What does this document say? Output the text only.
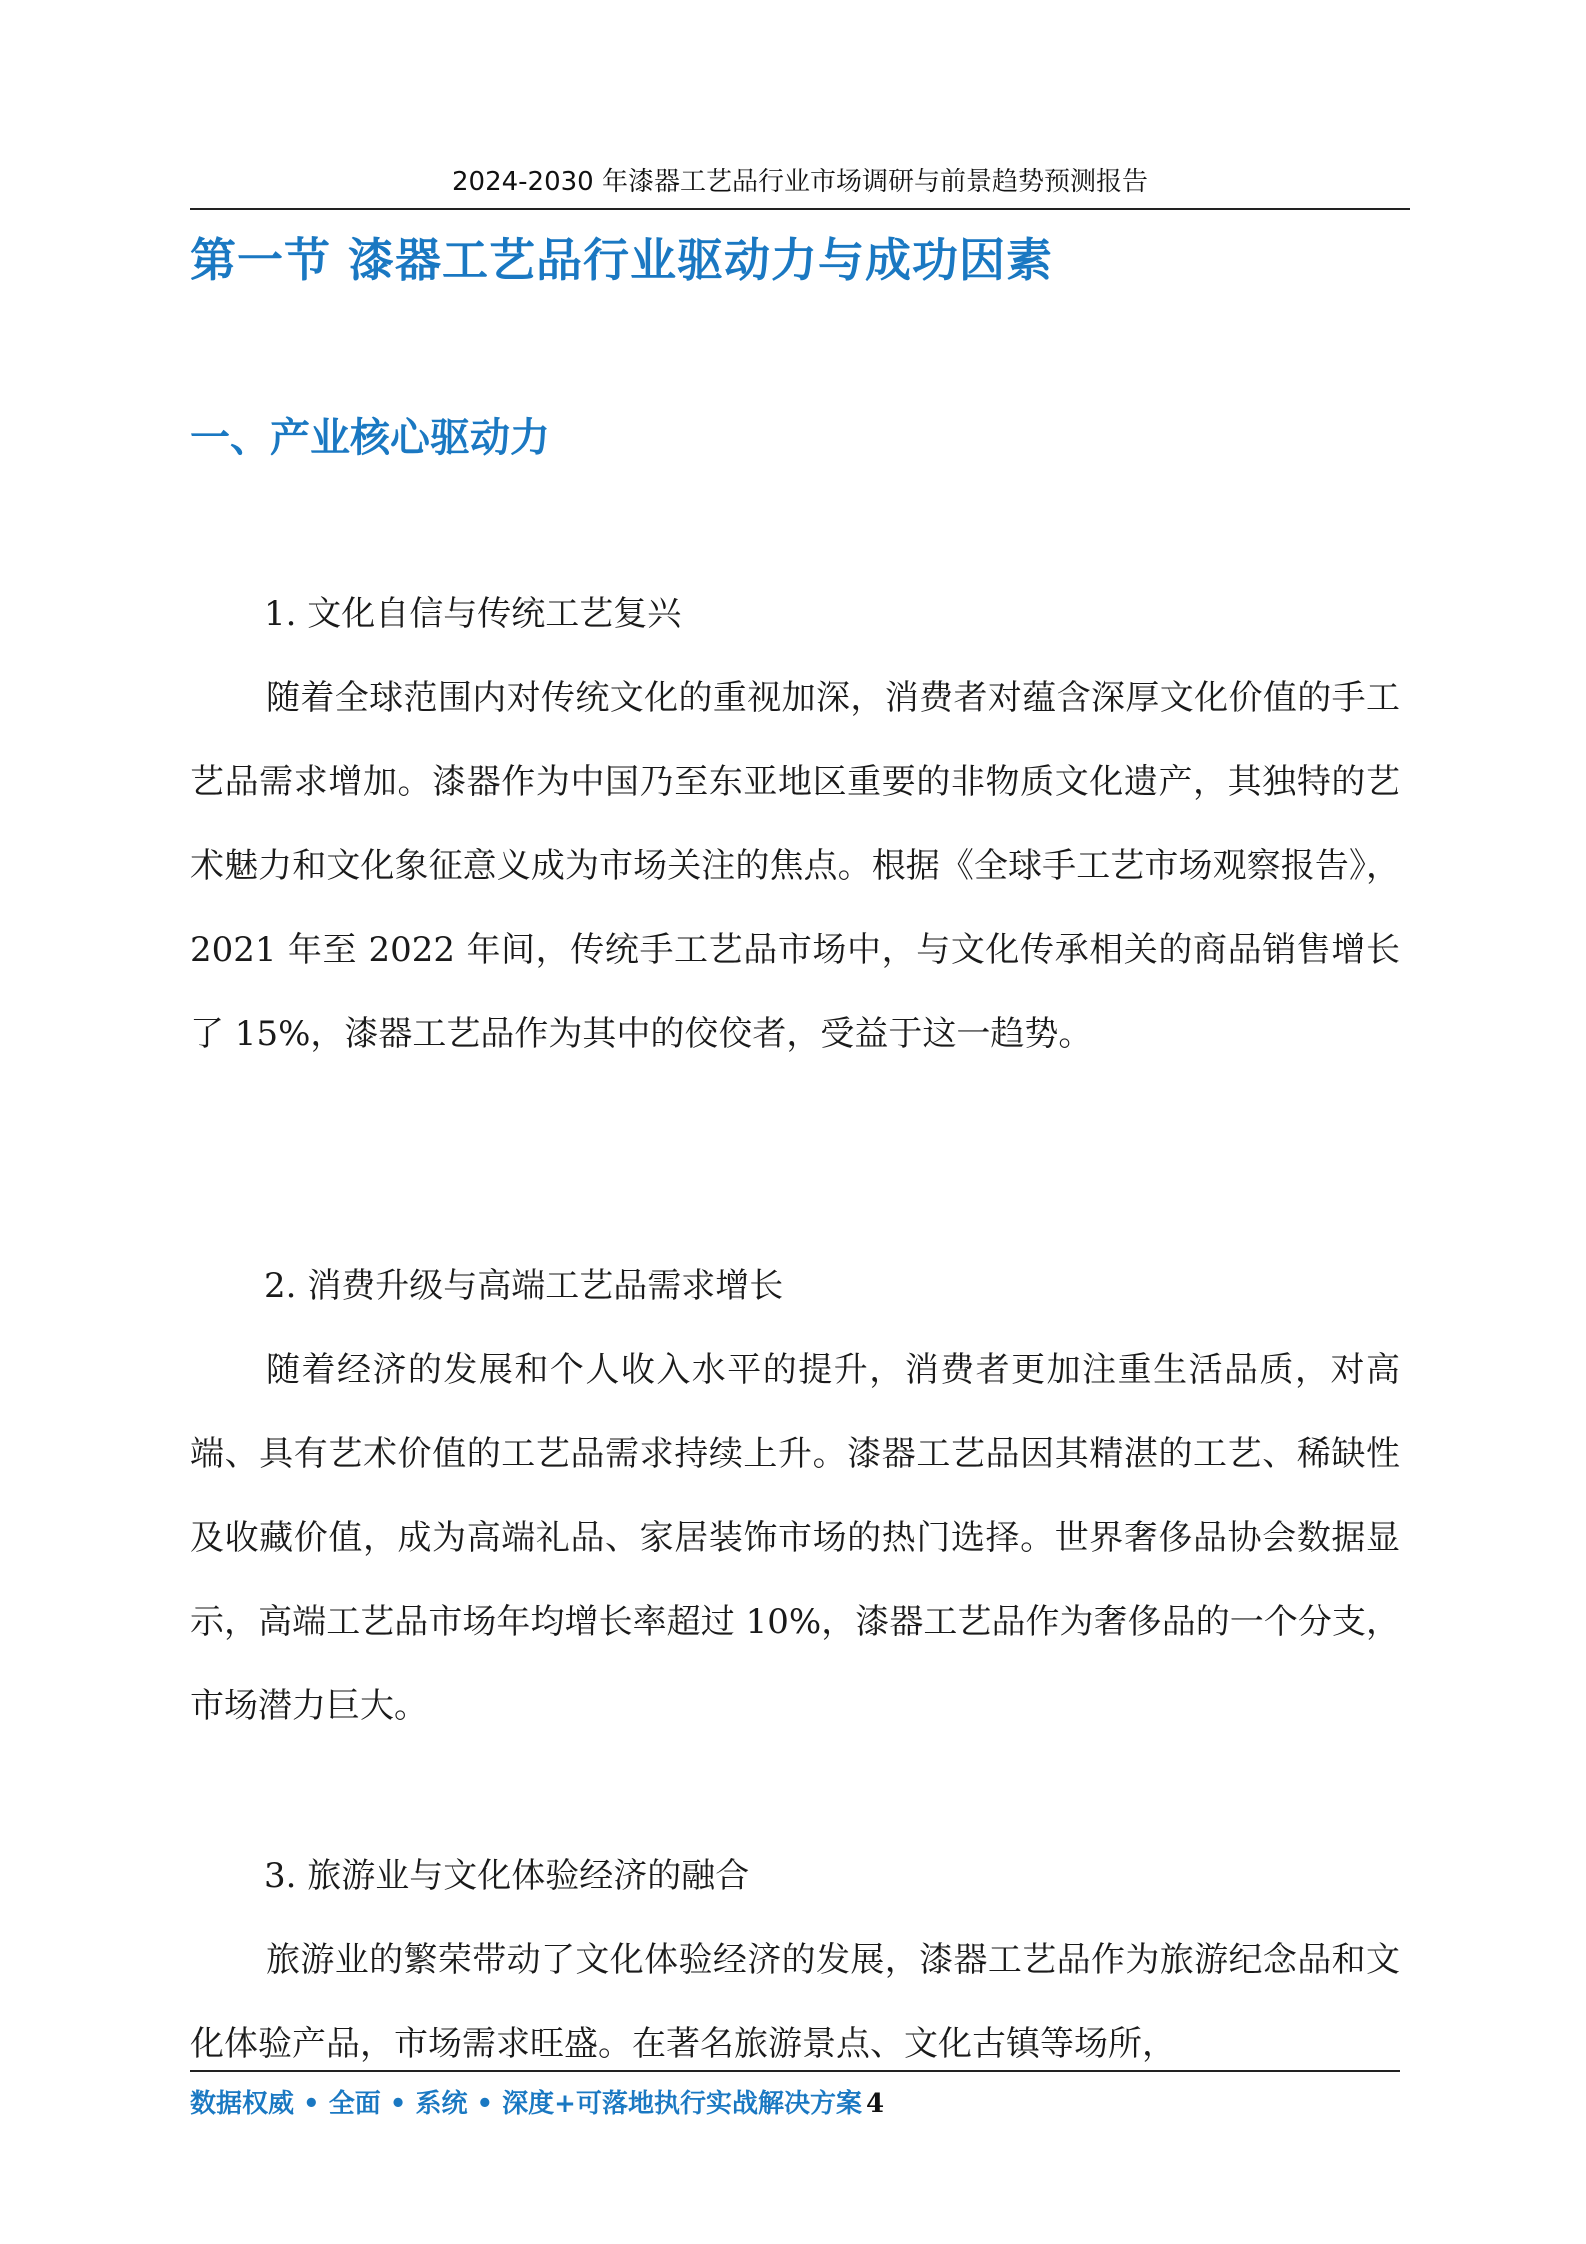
2024-2030 年漆器工艺品行业市场调研与前景趋势预测报告
第一节 漆器工艺品行业驱动力与成功因素
一、产业核心驱动力
1. 文化自信与传统工艺复兴

随着全球范围内对传统文化的重视加深，消费者对蕴含深厚文化价值的手工艺品需求增加。漆器作为中国乃至东亚地区重要的非物质文化遗产，其独特的艺术魅力和文化象征意义成为市场关注的焦点。根据《全球手工艺市场观察报告》，2021 年至 2022 年间，传统手工艺品市场中，与文化传承相关的商品销售增长了 15%，漆器工艺品作为其中的佼佼者，受益于这一趋势。

2. 消费升级与高端工艺品需求增长

随着经济的发展和个人收入水平的提升，消费者更加注重生活品质，对高端、具有艺术价值的工艺品需求持续上升。漆器工艺品因其精湛的工艺、稀缺性及收藏价值，成为高端礼品、家居装饰市场的热门选择。世界奢侈品协会数据显示，高端工艺品市场年均增长率超过 10%，漆器工艺品作为奢侈品的一个分支，市场潜力巨大。

3. 旅游业与文化体验经济的融合

旅游业的繁荣带动了文化体验经济的发展，漆器工艺品作为旅游纪念品和文化体验产品，市场需求旺盛。在著名旅游景点、文化古镇等场所，

数据权威 • 全面 • 系统 • 深度+可落地执行实战解决方案 4
